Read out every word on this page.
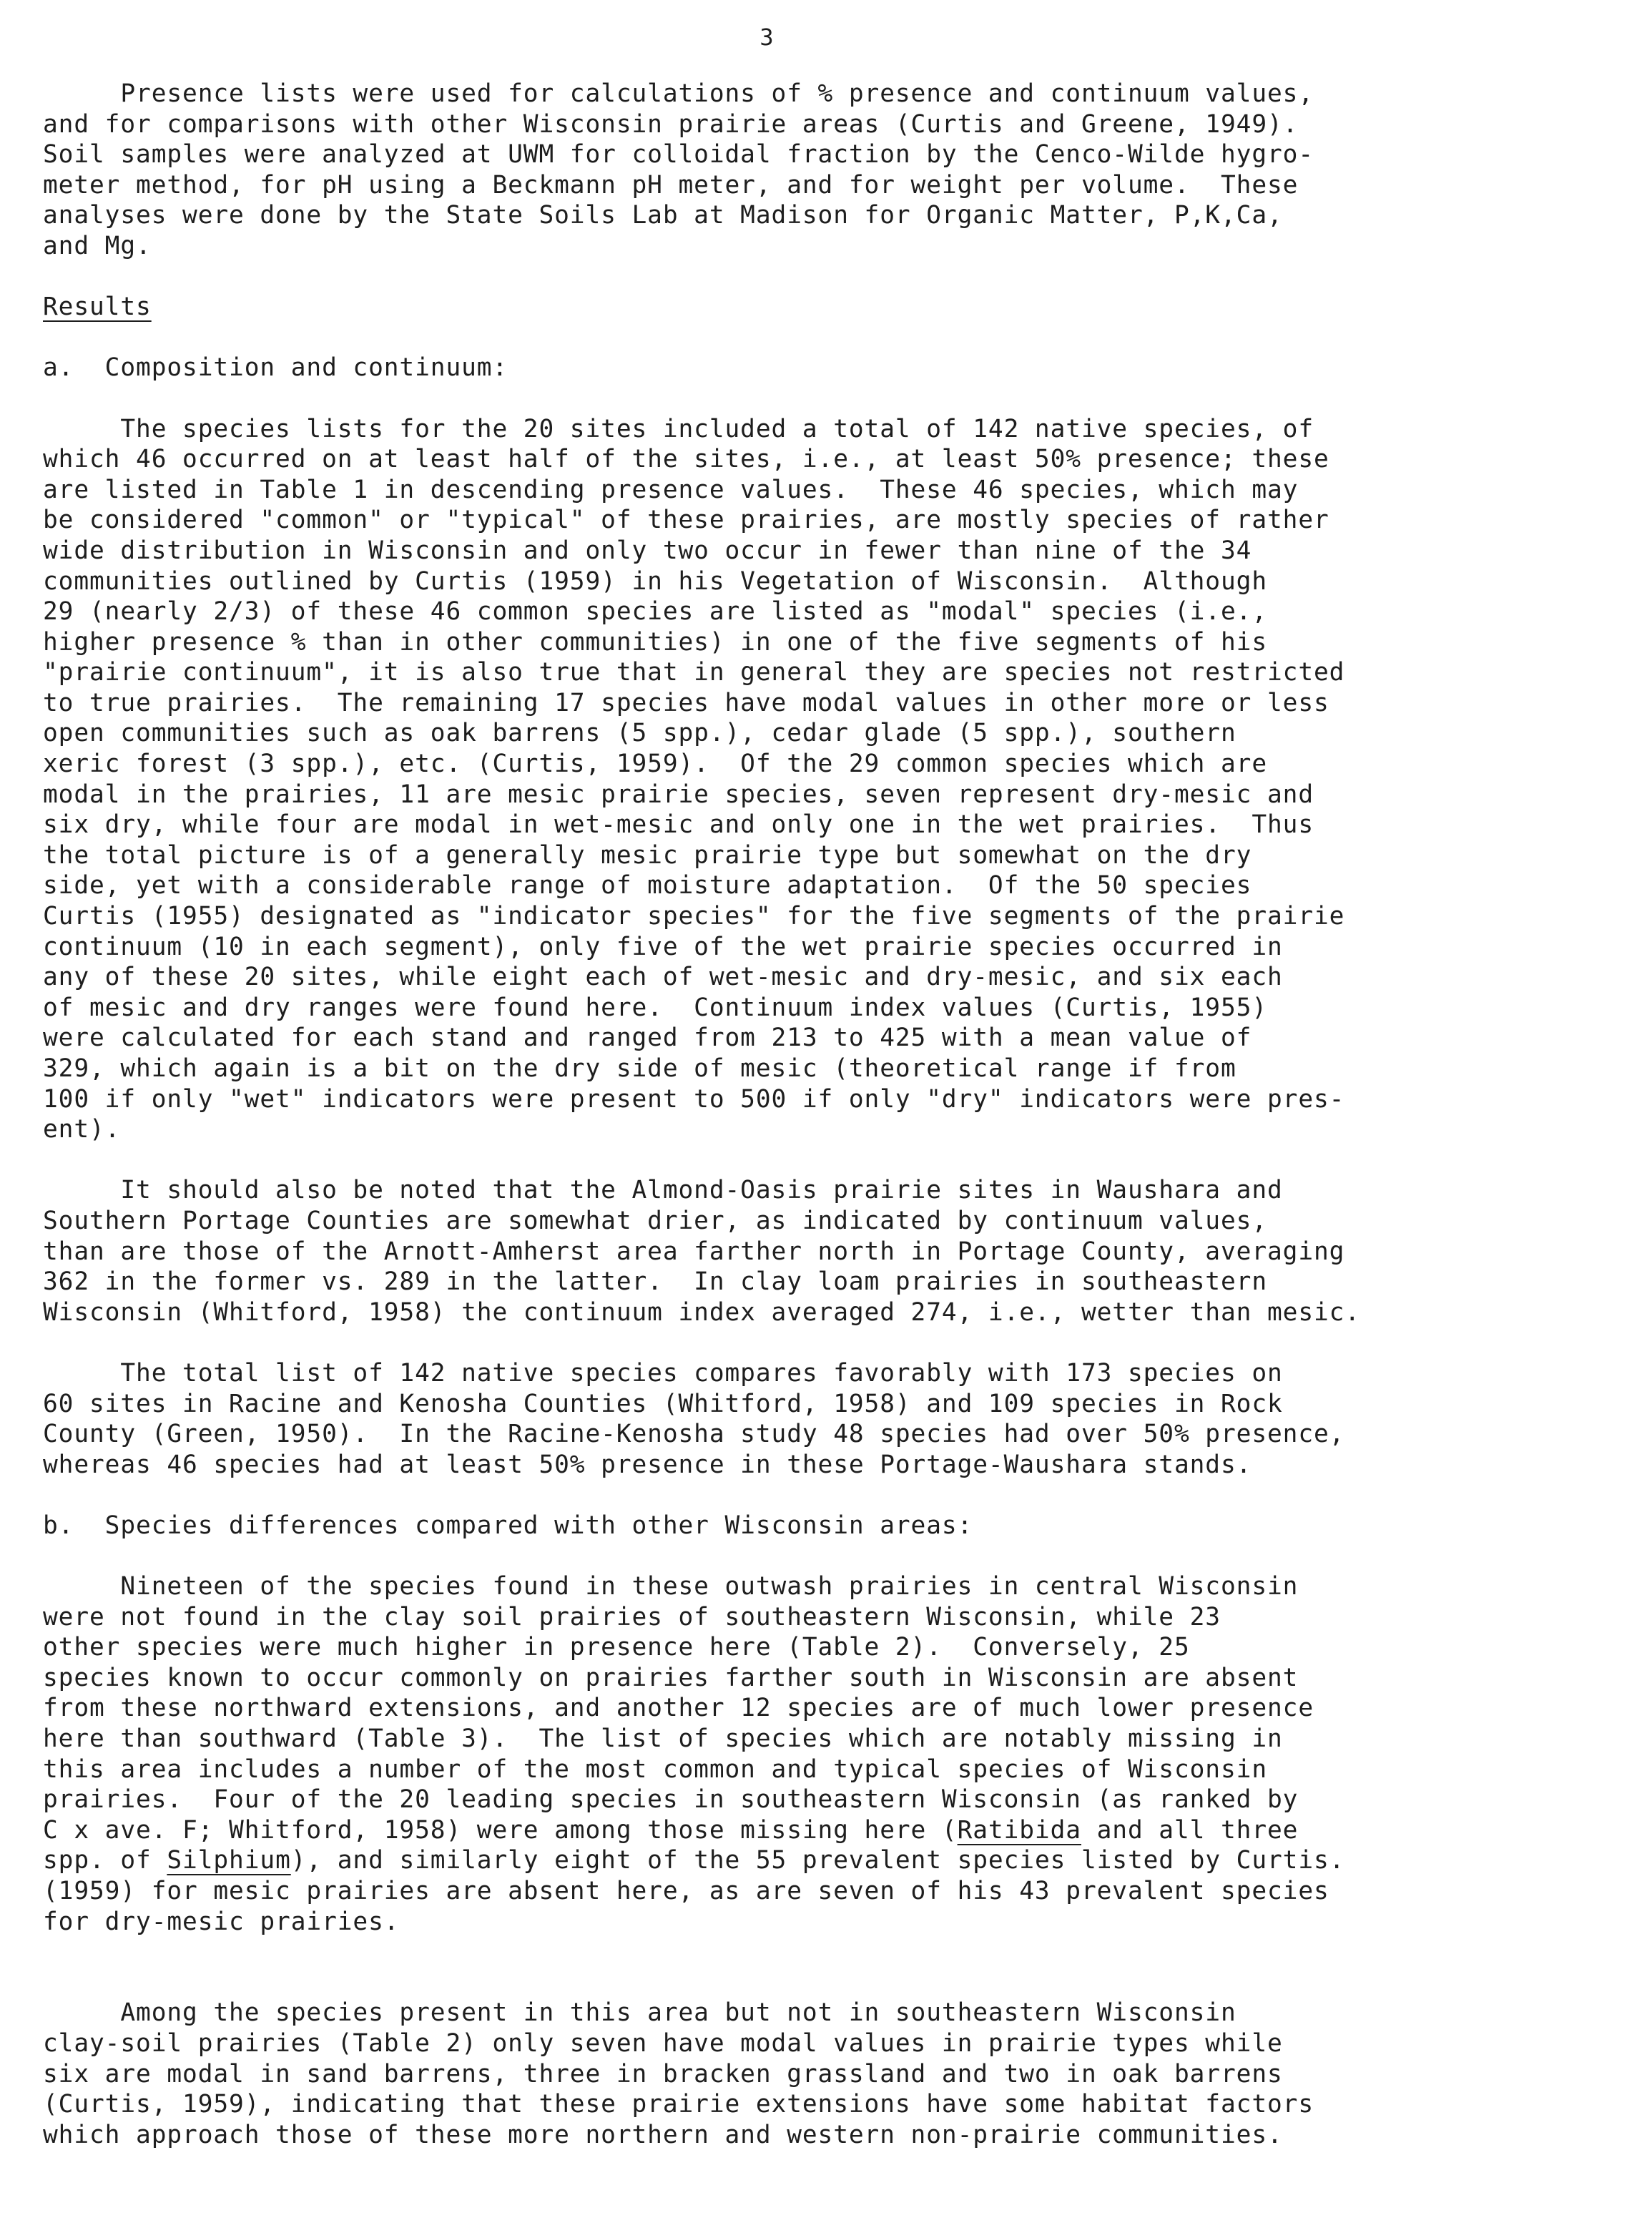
3
Presence lists were used for calculations of % presence and continuum values,
and for comparisons with other Wisconsin prairie areas (Curtis and Greene, 1949).
Soil samples were analyzed at UWM for colloidal fraction by the Cenco-Wilde hygro-
meter method, for pH using a Beckmann pH meter, and for weight per volume.  These
analyses were done by the State Soils Lab at Madison for Organic Matter, P,K,Ca,
and Mg.
Results
a.  Composition and continuum:
The species lists for the 20 sites included a total of 142 native species, of
which 46 occurred on at least half of the sites, i.e., at least 50% presence; these
are listed in Table 1 in descending presence values.  These 46 species, which may
be considered "common" or "typical" of these prairies, are mostly species of rather
wide distribution in Wisconsin and only two occur in fewer than nine of the 34
communities outlined by Curtis (1959) in his Vegetation of Wisconsin.  Although
29 (nearly 2/3) of these 46 common species are listed as "modal" species (i.e.,
higher presence % than in other communities) in one of the five segments of his
"prairie continuum", it is also true that in general they are species not restricted
to true prairies.  The remaining 17 species have modal values in other more or less
open communities such as oak barrens (5 spp.), cedar glade (5 spp.), southern
xeric forest (3 spp.), etc. (Curtis, 1959).  Of the 29 common species which are
modal in the prairies, 11 are mesic prairie species, seven represent dry-mesic and
six dry, while four are modal in wet-mesic and only one in the wet prairies.  Thus
the total picture is of a generally mesic prairie type but somewhat on the dry
side, yet with a considerable range of moisture adaptation.  Of the 50 species
Curtis (1955) designated as "indicator species" for the five segments of the prairie
continuum (10 in each segment), only five of the wet prairie species occurred in
any of these 20 sites, while eight each of wet-mesic and dry-mesic, and six each
of mesic and dry ranges were found here.  Continuum index values (Curtis, 1955)
were calculated for each stand and ranged from 213 to 425 with a mean value of
329, which again is a bit on the dry side of mesic (theoretical range if from
100 if only "wet" indicators were present to 500 if only "dry" indicators were pres-
ent).
It should also be noted that the Almond-Oasis prairie sites in Waushara and
Southern Portage Counties are somewhat drier, as indicated by continuum values,
than are those of the Arnott-Amherst area farther north in Portage County, averaging
362 in the former vs. 289 in the latter.  In clay loam prairies in southeastern
Wisconsin (Whitford, 1958) the continuum index averaged 274, i.e., wetter than mesic.
The total list of 142 native species compares favorably with 173 species on
60 sites in Racine and Kenosha Counties (Whitford, 1958) and 109 species in Rock
County (Green, 1950).  In the Racine-Kenosha study 48 species had over 50% presence,
whereas 46 species had at least 50% presence in these Portage-Waushara stands.
b.  Species differences compared with other Wisconsin areas:
Nineteen of the species found in these outwash prairies in central Wisconsin
were not found in the clay soil prairies of southeastern Wisconsin, while 23
other species were much higher in presence here (Table 2).  Conversely, 25
species known to occur commonly on prairies farther south in Wisconsin are absent
from these northward extensions, and another 12 species are of much lower presence
here than southward (Table 3).  The list of species which are notably missing in
this area includes a number of the most common and typical species of Wisconsin
prairies.  Four of the 20 leading species in southeastern Wisconsin (as ranked by
C x ave. F; Whitford, 1958) were among those missing here (Ratibida and all three
spp. of Silphium), and similarly eight of the 55 prevalent species listed by Curtis.
(1959) for mesic prairies are absent here, as are seven of his 43 prevalent species
for dry-mesic prairies.
Among the species present in this area but not in southeastern Wisconsin
clay-soil prairies (Table 2) only seven have modal values in prairie types while
six are modal in sand barrens, three in bracken grassland and two in oak barrens
(Curtis, 1959), indicating that these prairie extensions have some habitat factors
which approach those of these more northern and western non-prairie communities.
